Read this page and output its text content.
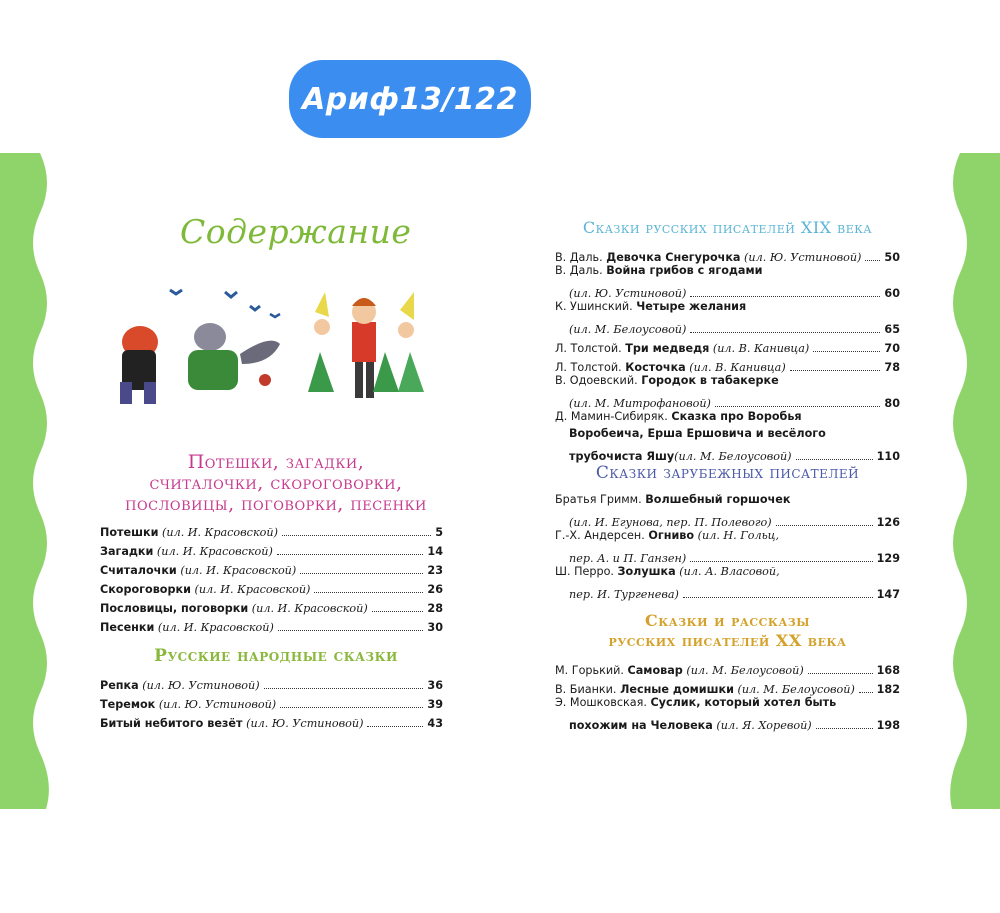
Ариф13/122
Содержание
Потешки, загадки,
считалочки, скороговорки,
пословицы, поговорки, песенки
Потешки (ил. И. Красовской)	5
Загадки (ил. И. Красовской)	14
Считалочки (ил. И. Красовской)	23
Скороговорки (ил. И. Красовской)	26
Пословицы, поговорки (ил. И. Красовской)	28
Песенки (ил. И. Красовской)	30
Русские народные сказки
Репка (ил. Ю. Устиновой)	36
Теремок (ил. Ю. Устиновой)	39
Битый небитого везёт (ил. Ю. Устиновой)	43
Сказки русских писателей XIX века
В. Даль. Девочка Снегурочка (ил. Ю. Устиновой) 50
В. Даль. Война грибов с ягодами
(ил. Ю. Устиновой)	60
К. Ушинский. Четыре желания
(ил. М. Белоусовой)	65
Л. Толстой. Три медведя (ил. В. Канивца)	70
Л. Толстой. Косточка (ил. В. Канивца)	78
В. Одоевский. Городок в табакерке
(ил. М. Митрофановой)	80
Д. Мамин-Сибиряк. Сказка про Воробья
Воробеича, Ерша Ершовича и весёлого
трубочиста Яшу(ил. М. Белоусовой)	110
Сказки зарубежных писателей
Братья Гримм. Волшебный горшочек
(ил. И. Егунова, пер. П. Полевого)	126
Г.-Х. Андерсен. Огниво (ил. Н. Гольц,
пер. А. и П. Ганзен)	129
Ш. Перро. Золушка (ил. А. Власовой,
пер. И. Тургенева)	147
Сказки и рассказы
русских писателей XX века
М. Горький. Самовар (ил. М. Белоусовой)	168
В. Бианки. Лесные домишки (ил. М. Белоусовой) 182
Э. Мошковская. Суслик, который хотел быть
похожим на Человека (ил. Я. Хоревой)	198
